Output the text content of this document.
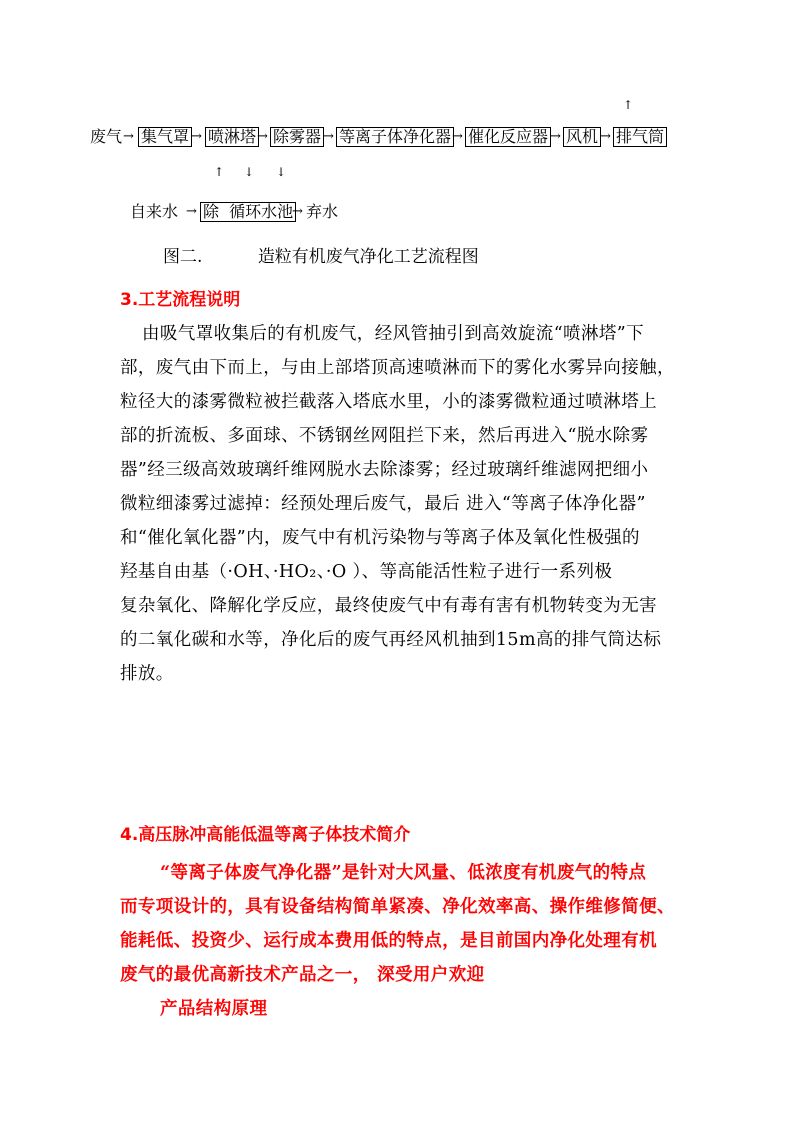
↑
废气 → 集气罩 → 喷淋塔 → 除雾器 → 等离子体净化器 → 催化反应器 → 风机 → 排气筒
↑ ↓ ↓
自来水 → 除  循环水池
→ 弃水
图二.	造粒有机废气净化工艺流程图
3.工艺流程说明
由吸气罩收集后的有机废气，经风管抽引到高效旋流“喷淋塔”下
部，废气由下而上，与由上部塔顶高速喷淋而下的雾化水雾异向接触，
粒径大的漆雾微粒被拦截落入塔底水里，小的漆雾微粒通过喷淋塔上
部的折流板、多面球、不锈钢丝网阻拦下来，然后再进入“脱水除雾
器”经三级高效玻璃纤维网脱水去除漆雾；经过玻璃纤维滤网把细小
微粒细漆雾过滤掉：经预处理后废气，最后 进入“等离子体净化器”
和“催化氧化器”内，废气中有机污染物与等离子体及氧化性极强的
羟基自由基（·OH、·HO₂、·O ）、等高能活性粒子进行一系列极
复杂氧化、降解化学反应，最终使废气中有毒有害有机物转变为无害
的二氧化碳和水等，净化后的废气再经风机抽到15m高的排气筒达标
排放。
4.高压脉冲高能低温等离子体技术简介
“等离子体废气净化器”是针对大风量、低浓度有机废气的特点
而专项设计的，具有设备结构简单紧凑、净化效率高、操作维修简便、
能耗低、投资少、运行成本费用低的特点，是目前国内净化处理有机
废气的最优高新技术产品之一， 深受用户欢迎
产品结构原理
